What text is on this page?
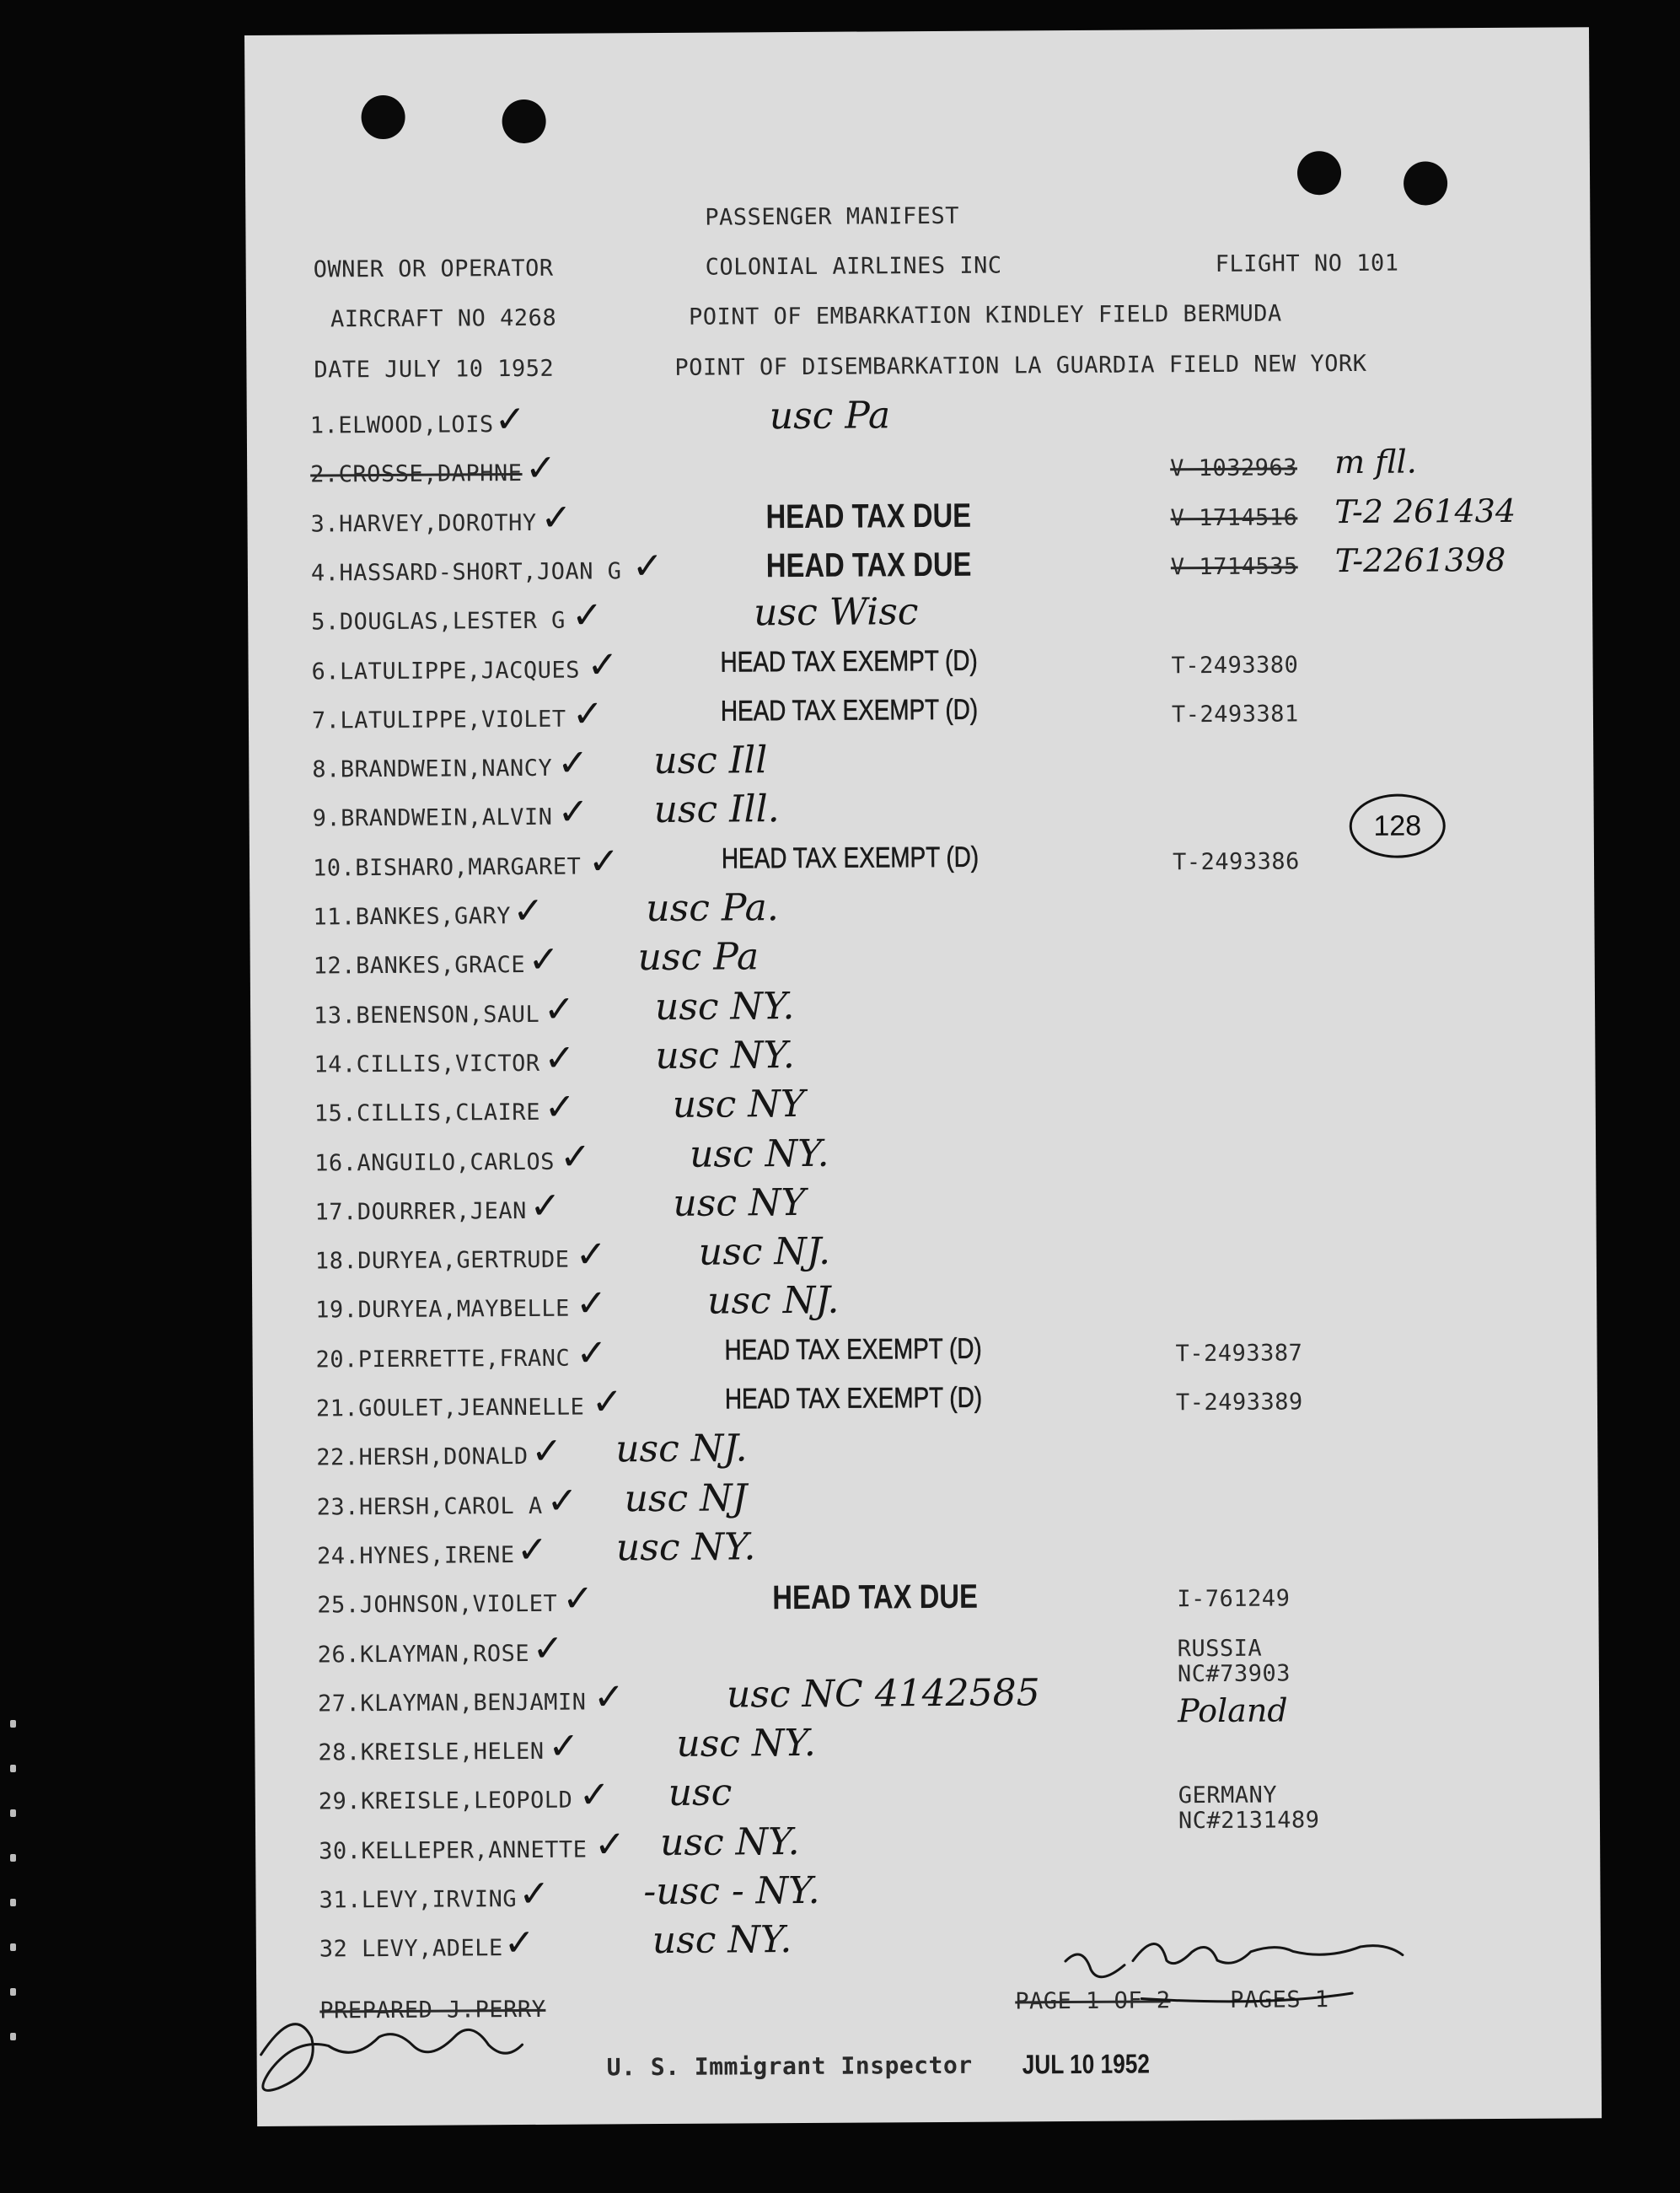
PASSENGER MANIFEST
OWNER OR OPERATOR	COLONIAL AIRLINES INC	FLIGHT NO 101
AIRCRAFT NO 4268	POINT OF EMBARKATION KINDLEY FIELD BERMUDA
DATE JULY 10 1952	POINT OF DISEMBARKATION LA GUARDIA FIELD NEW YORK
128
1.ELWOOD,LOIS ✓	usc Pa
2.CROSSE,DAPHNE ✓	V-1032963 m fll.
3.HARVEY,DOROTHY ✓	HEAD TAX DUE	V-1714516 T-2 261434
4.HASSARD-SHORT,JOAN G ✓	HEAD TAX DUE	V-1714535 T-2261398
5.DOUGLAS,LESTER G ✓	usc Wisc
6.LATULIPPE,JACQUES ✓	HEAD TAX EXEMPT (D)	T-2493380
7.LATULIPPE,VIOLET ✓	HEAD TAX EXEMPT (D)	T-2493381
8.BRANDWEIN,NANCY ✓ usc Ill
9.BRANDWEIN,ALVIN ✓ usc Ill.
10.BISHARO,MARGARET ✓	HEAD TAX EXEMPT (D)	T-2493386
11.BANKES,GARY ✓	usc Pa.
12.BANKES,GRACE ✓ usc Pa
13.BENENSON,SAUL ✓ usc NY.
14.CILLIS,VICTOR ✓ usc NY.
15.CILLIS,CLAIRE ✓	usc NY
16.ANGUILO,CARLOS ✓	usc NY.
17.DOURRER,JEAN ✓	usc NY
18.DURYEA,GERTRUDE ✓ usc NJ.
19.DURYEA,MAYBELLE ✓	usc NJ.
20.PIERRETTE,FRANC ✓	HEAD TAX EXEMPT (D)	T-2493387
21.GOULET,JEANNELLE ✓	HEAD TAX EXEMPT (D)	T-2493389
22.HERSH,DONALD ✓ usc NJ.
23.HERSH,CAROL A ✓ usc NJ
24.HYNES,IRENE ✓ usc NY.
25.JOHNSON,VIOLET ✓	HEAD TAX DUE	I-761249
26.KLAYMAN,ROSE ✓	RUSSIA
NC#73903
27.KLAYMAN,BENJAMIN ✓	usc NC 4142585	Poland
28.KREISLE,HELEN ✓	usc NY.
29.KREISLE,LEOPOLD ✓ usc	GERMANY
NC#2131489
30.KELLEPER,ANNETTE ✓ usc NY.
31.LEVY,IRVING ✓	-usc - NY.
32 LEVY,ADELE ✓	usc NY.
PREPARED J.PERRY	PAGE 1 OF 2	PAGES 1
U. S. Immigrant Inspector JUL 10 1952
